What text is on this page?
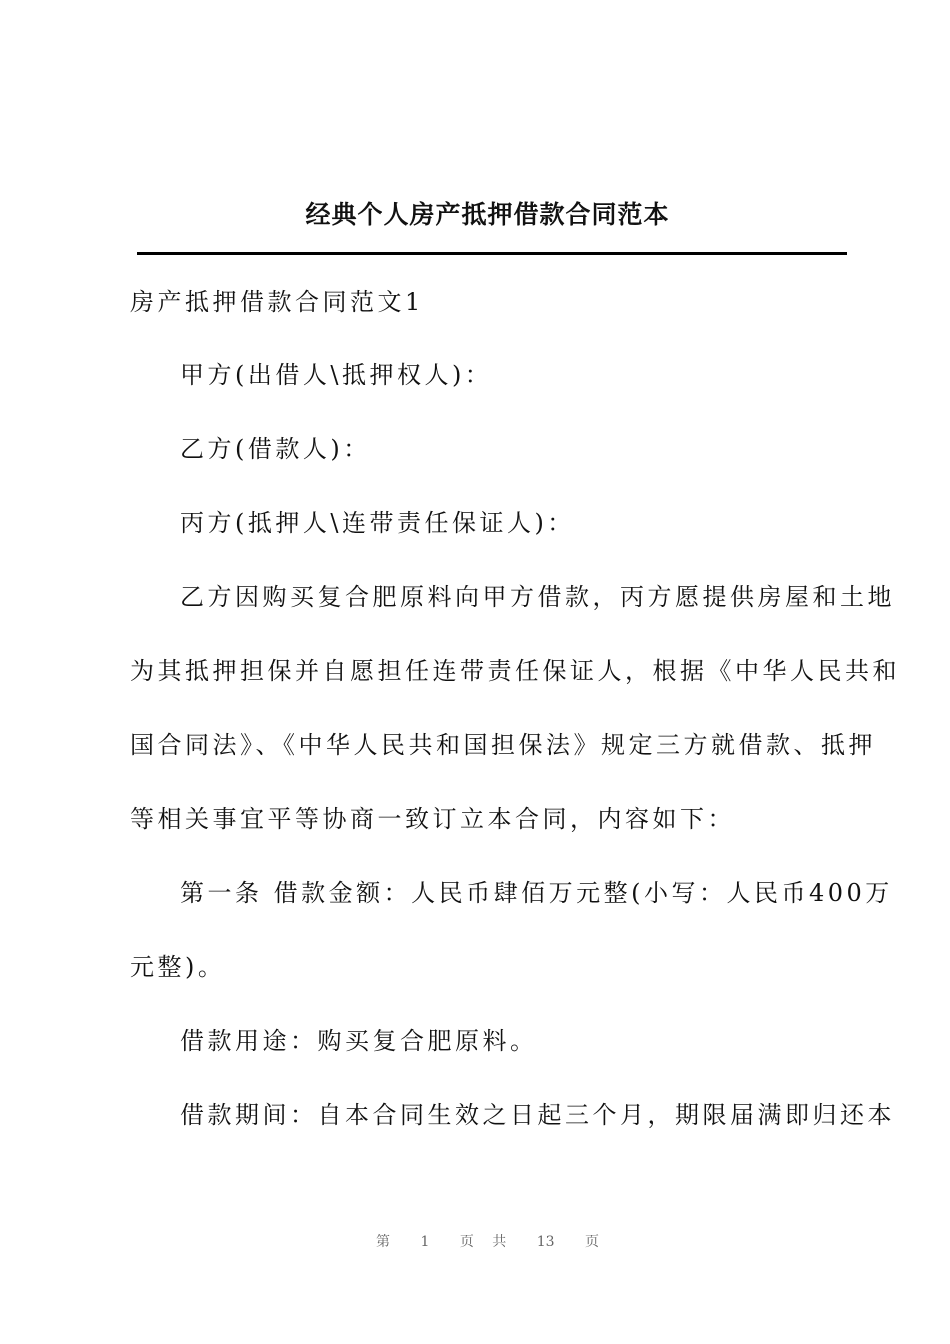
经典个人房产抵押借款合同范本
房产抵押借款合同范文1
甲方(出借人\抵押权人)：
乙方(借款人)：
丙方(抵押人\连带责任保证人)：
乙方因购买复合肥原料向甲方借款，丙方愿提供房屋和土地
为其抵押担保并自愿担任连带责任保证人，根据《中华人民共和
国合同法》、《中华人民共和国担保法》规定三方就借款、抵押
等相关事宜平等协商一致订立本合同，内容如下：
第一条 借款金额：人民币肆佰万元整(小写：人民币400万
元整)。
借款用途：购买复合肥原料。
借款期间：自本合同生效之日起三个月，期限届满即归还本
第 1 页 共 13 页
